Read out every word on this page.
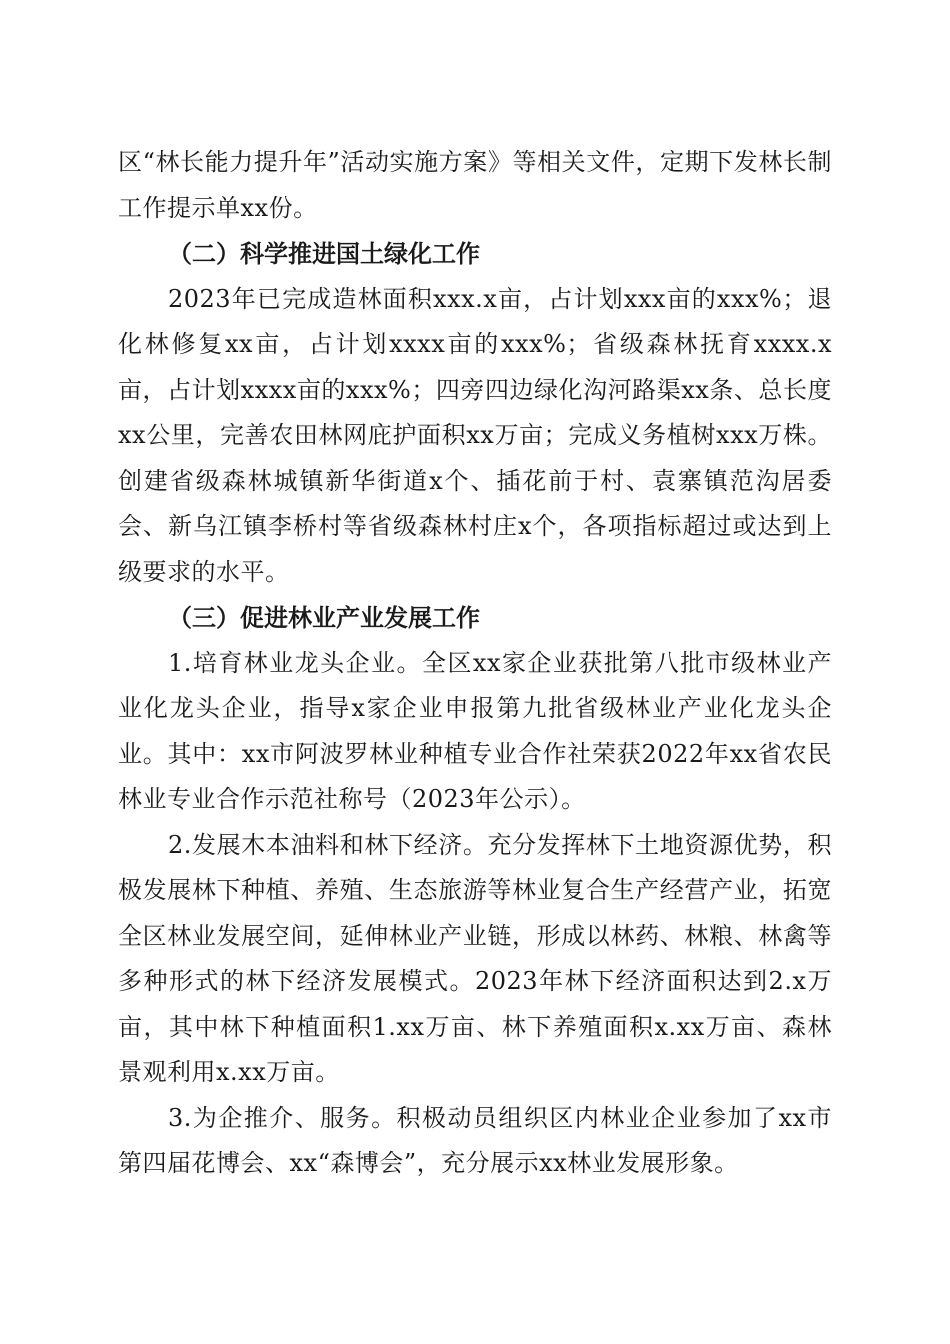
区“林长能力提升年”活动实施方案》等相关文件，定期下发林长制工作提示单xx份。

（二）科学推进国土绿化工作

2023年已完成造林面积xxx.x亩，占计划xxx亩的xxx%；退化林修复xx亩，占计划xxxx亩的xxx%；省级森林抚育xxxx.x亩，占计划xxxx亩的xxx%；四旁四边绿化沟河路渠xx条、总长度xx公里，完善农田林网庇护面积xx万亩；完成义务植树xxx万株。创建省级森林城镇新华街道x个、插花前于村、袁寨镇范沟居委会、新乌江镇李桥村等省级森林村庄x个，各项指标超过或达到上级要求的水平。

（三）促进林业产业发展工作

1.培育林业龙头企业。全区xx家企业获批第八批市级林业产业化龙头企业，指导x家企业申报第九批省级林业产业化龙头企业。其中：xx市阿波罗林业种植专业合作社荣获2022年xx省农民林业专业合作示范社称号（2023年公示）。

2.发展木本油料和林下经济。充分发挥林下土地资源优势，积极发展林下种植、养殖、生态旅游等林业复合生产经营产业，拓宽全区林业发展空间，延伸林业产业链，形成以林药、林粮、林禽等多种形式的林下经济发展模式。2023年林下经济面积达到2.x万亩，其中林下种植面积1.xx万亩、林下养殖面积x.xx万亩、森林景观利用x.xx万亩。

3.为企推介、服务。积极动员组织区内林业企业参加了xx市第四届花博会、xx“森博会”，充分展示xx林业发展形象。
